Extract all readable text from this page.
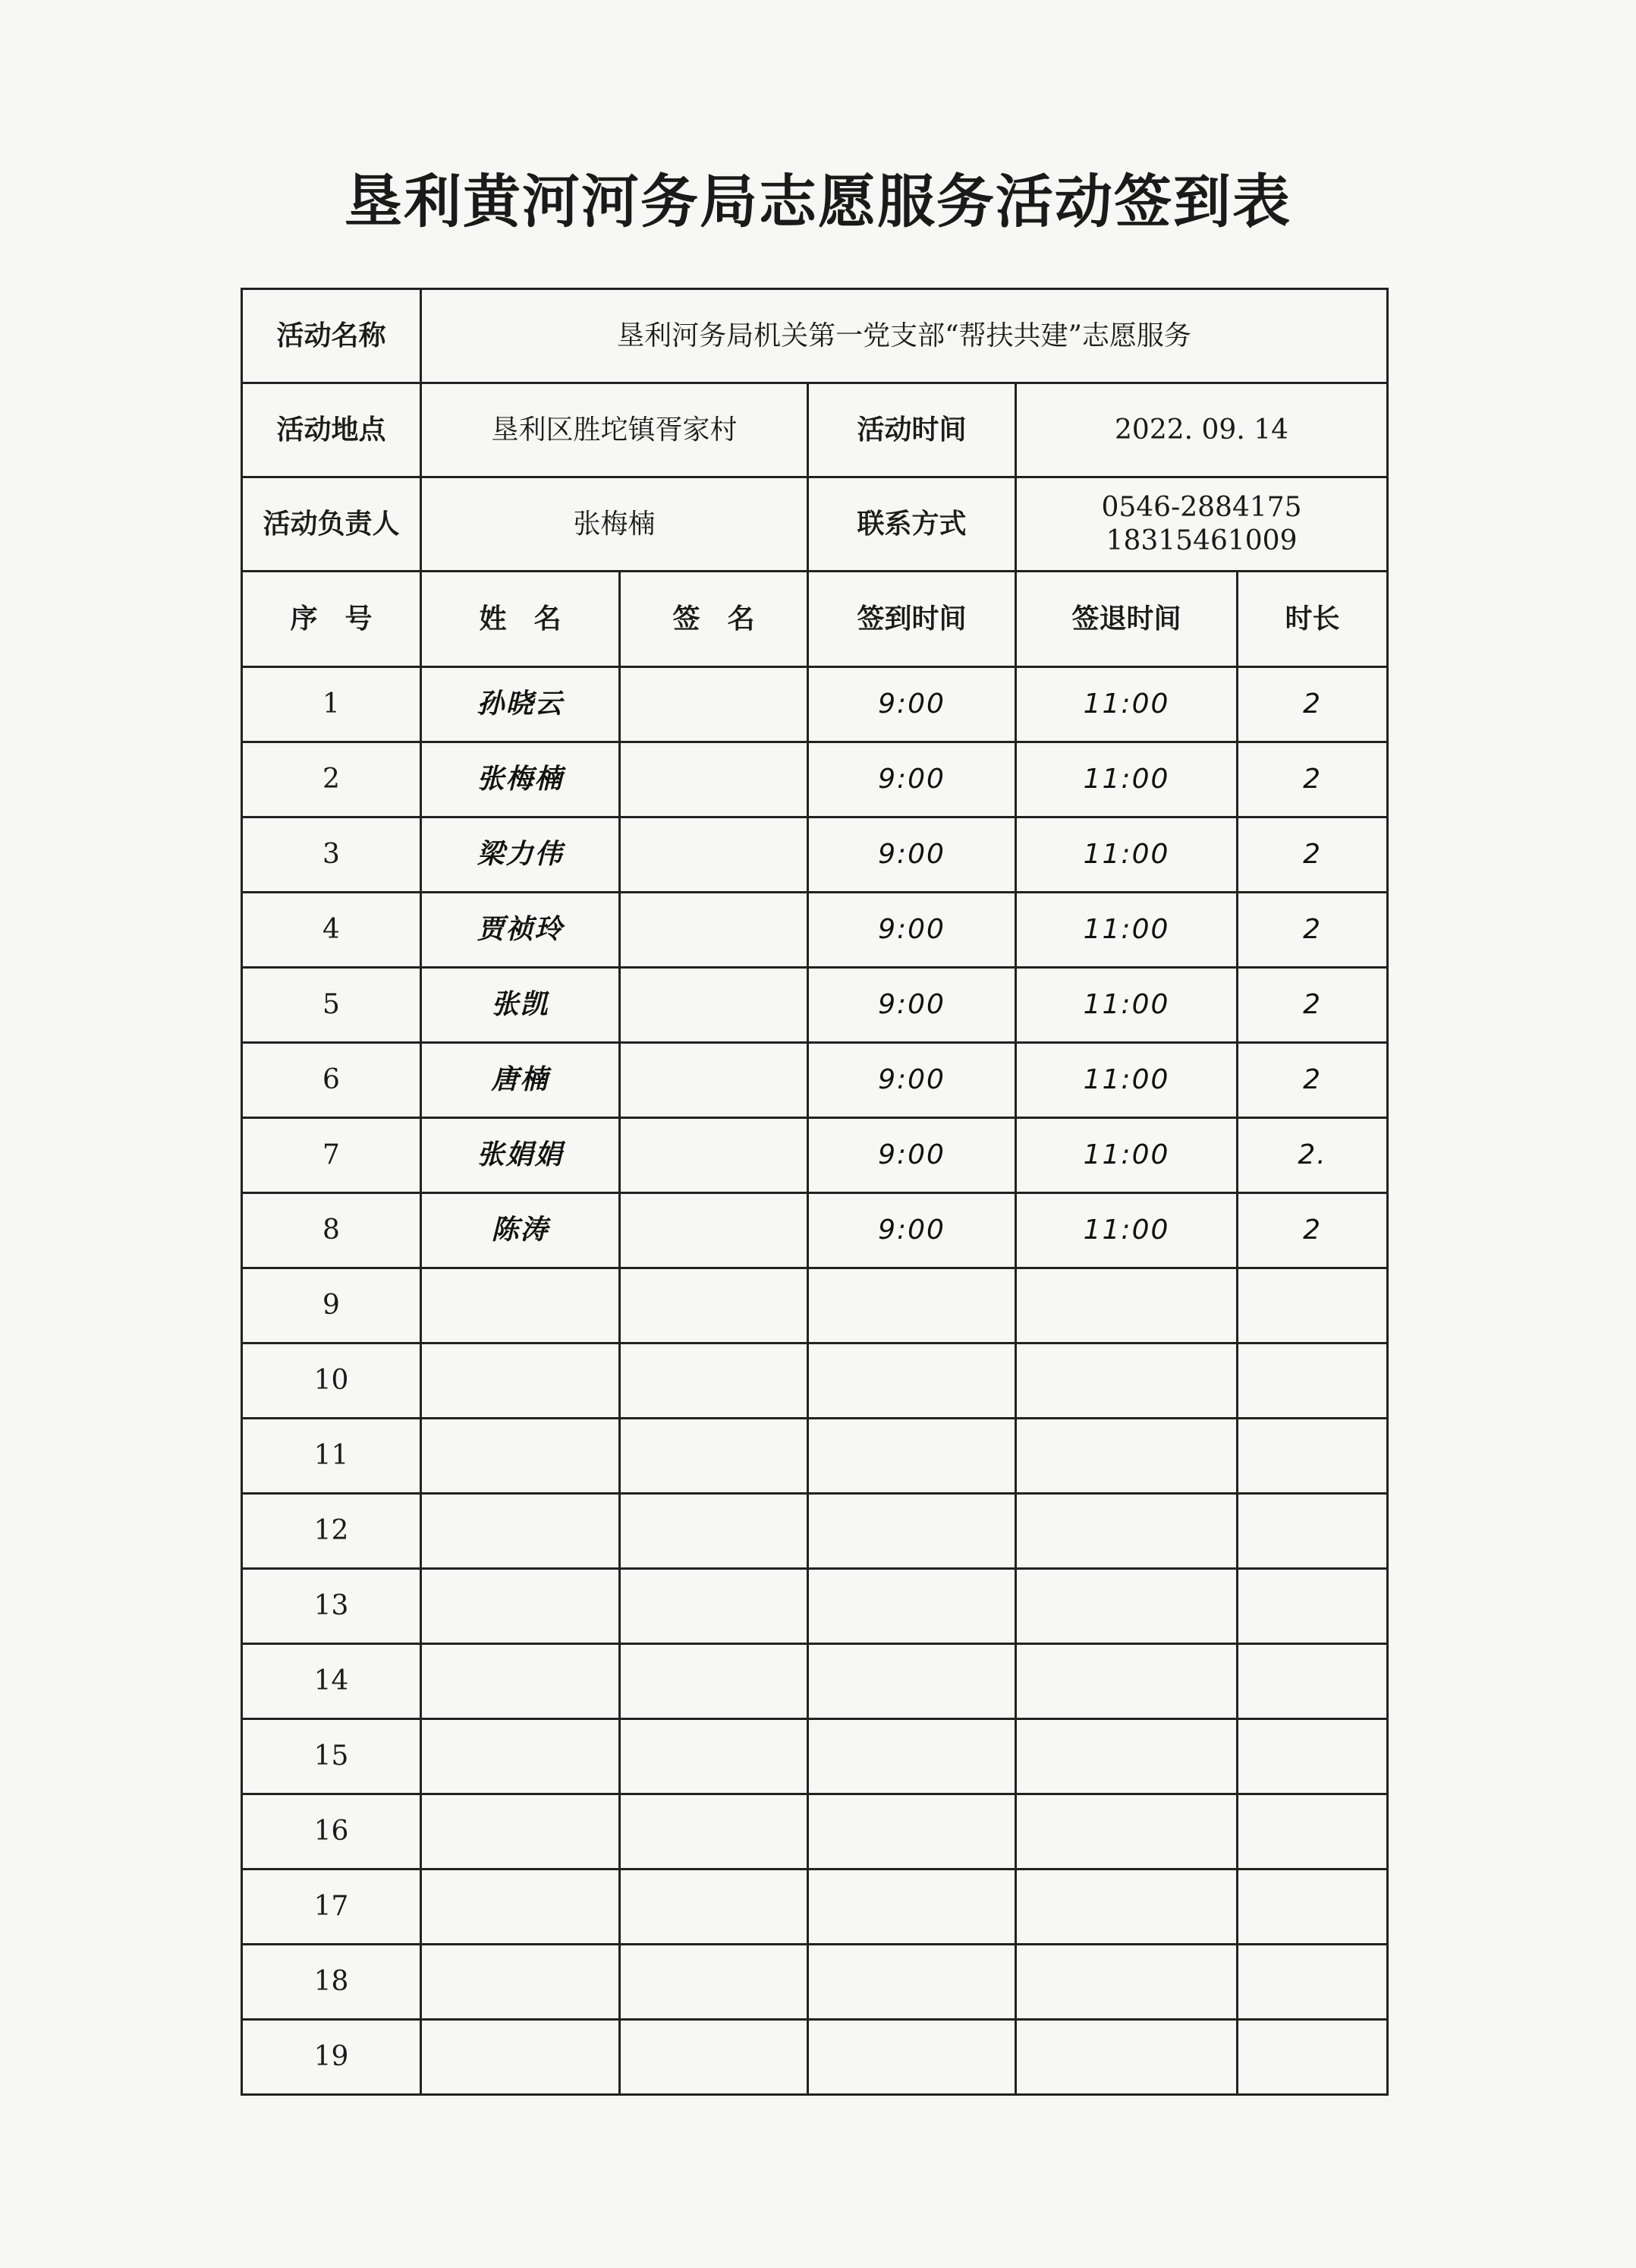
垦利黄河河务局志愿服务活动签到表
活动名称	垦利河务局机关第一党支部“帮扶共建”志愿服务				
活动地点	垦利区胜坨镇胥家村		活动时间	2022. 09. 14	
活动负责人	张梅楠		联系方式	0546-2884175
18315461009	

序　号	姓　名	签　名	签到时间	签退时间	时长
1	孙晓云		9:00	11:00	2
2	张梅楠		9:00	11:00	2
3	梁力伟		9:00	11:00	2
4	贾祯玲		9:00	11:00	2
5	张凯		9:00	11:00	2
6	唐楠		9:00	11:00	2
7	张娟娟		9:00	11:00	2.
8	陈涛		9:00	11:00	2
9					
10					
11					
12					
13					
14					
15					
16					
17					
18					
19					
